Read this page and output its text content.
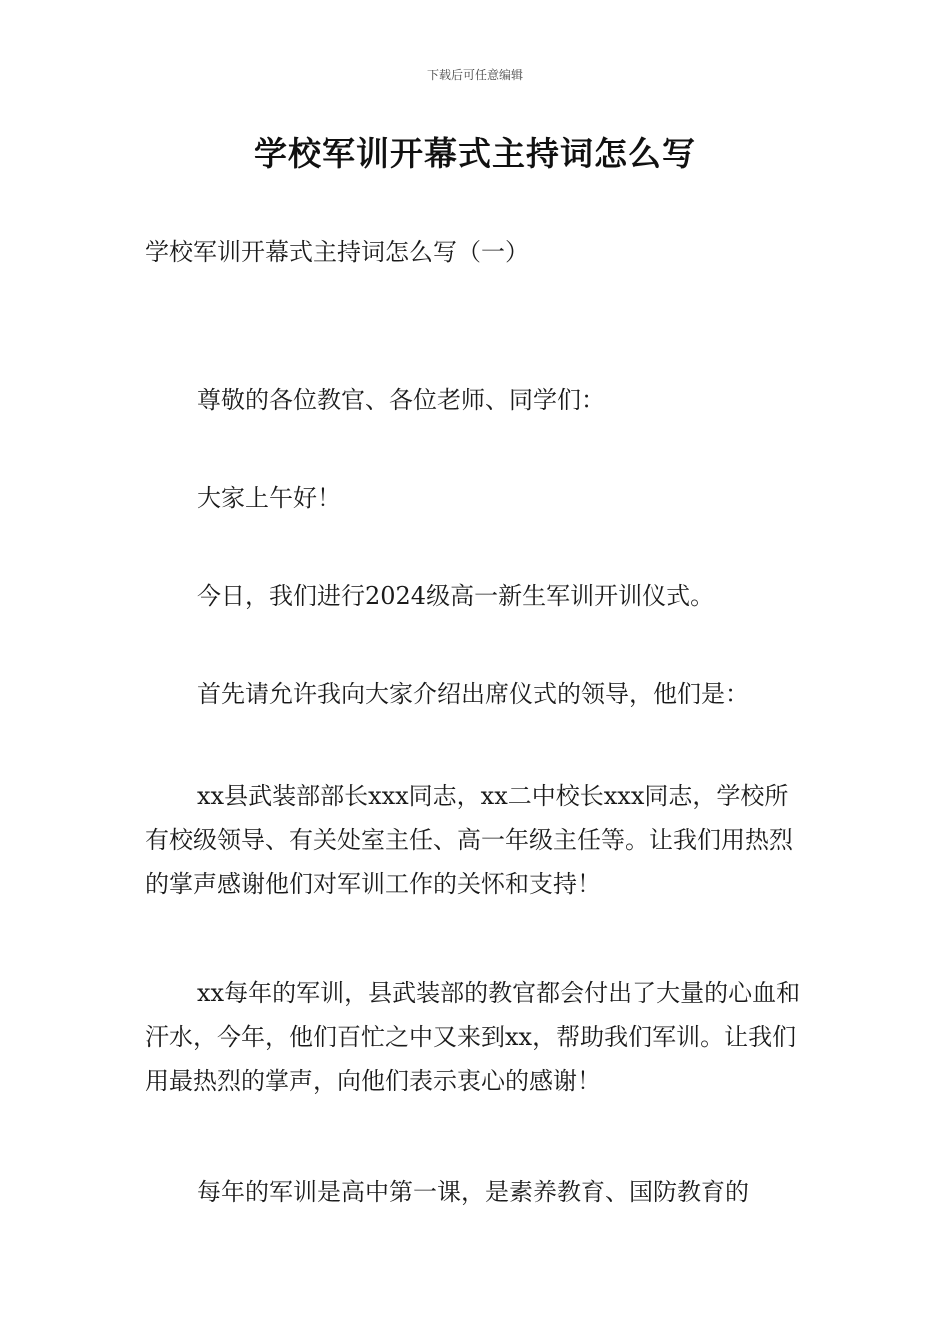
下载后可任意编辑
学校军训开幕式主持词怎么写
学校军训开幕式主持词怎么写（一）

尊敬的各位教官、各位老师、同学们：

大家上午好！

今日，我们进行2024级高一新生军训开训仪式。

首先请允许我向大家介绍出席仪式的领导，他们是：

xx县武装部部长xxx同志，xx二中校长xxx同志，学校所有校级领导、有关处室主任、高一年级主任等。让我们用热烈的掌声感谢他们对军训工作的关怀和支持！

xx每年的军训，县武装部的教官都会付出了大量的心血和汗水，今年，他们百忙之中又来到xx，帮助我们军训。让我们用最热烈的掌声，向他们表示衷心的感谢！

每年的军训是高中第一课，是素养教育、国防教育的
